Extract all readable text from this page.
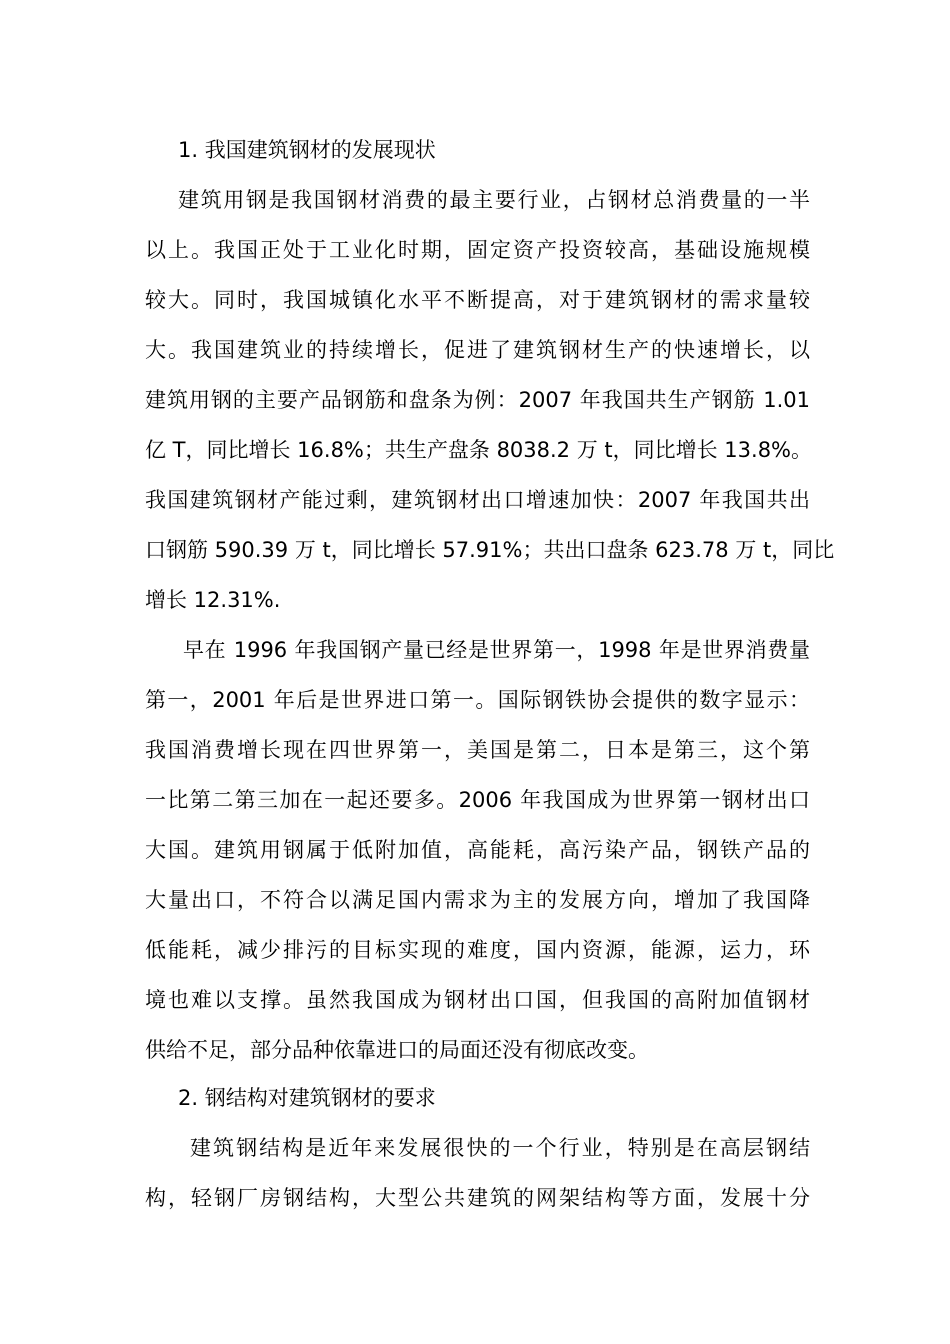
1. 我国建筑钢材的发展现状
建筑用钢是我国钢材消费的最主要行业，占钢材总消费量的一半
以上。我国正处于工业化时期，固定资产投资较高，基础设施规模
较大。同时，我国城镇化水平不断提高，对于建筑钢材的需求量较
大。我国建筑业的持续增长，促进了建筑钢材生产的快速增长，以
建筑用钢的主要产品钢筋和盘条为例：2007 年我国共生产钢筋 1.01
亿 T，同比增长 16.8%；共生产盘条 8038.2 万 t，同比增长 13.8%。
我国建筑钢材产能过剩，建筑钢材出口增速加快：2007 年我国共出
口钢筋 590.39 万 t，同比增长 57.91%；共出口盘条 623.78 万 t，同比
增长 12.31%.
早在 1996 年我国钢产量已经是世界第一，1998 年是世界消费量
第一，2001 年后是世界进口第一。国际钢铁协会提供的数字显示：
我国消费增长现在四世界第一，美国是第二，日本是第三，这个第
一比第二第三加在一起还要多。2006 年我国成为世界第一钢材出口
大国。建筑用钢属于低附加值，高能耗，高污染产品，钢铁产品的
大量出口，不符合以满足国内需求为主的发展方向，增加了我国降
低能耗，减少排污的目标实现的难度，国内资源，能源，运力，环
境也难以支撑。虽然我国成为钢材出口国，但我国的高附加值钢材
供给不足，部分品种依靠进口的局面还没有彻底改变。
2. 钢结构对建筑钢材的要求
建筑钢结构是近年来发展很快的一个行业，特别是在高层钢结
构，轻钢厂房钢结构，大型公共建筑的网架结构等方面，发展十分
